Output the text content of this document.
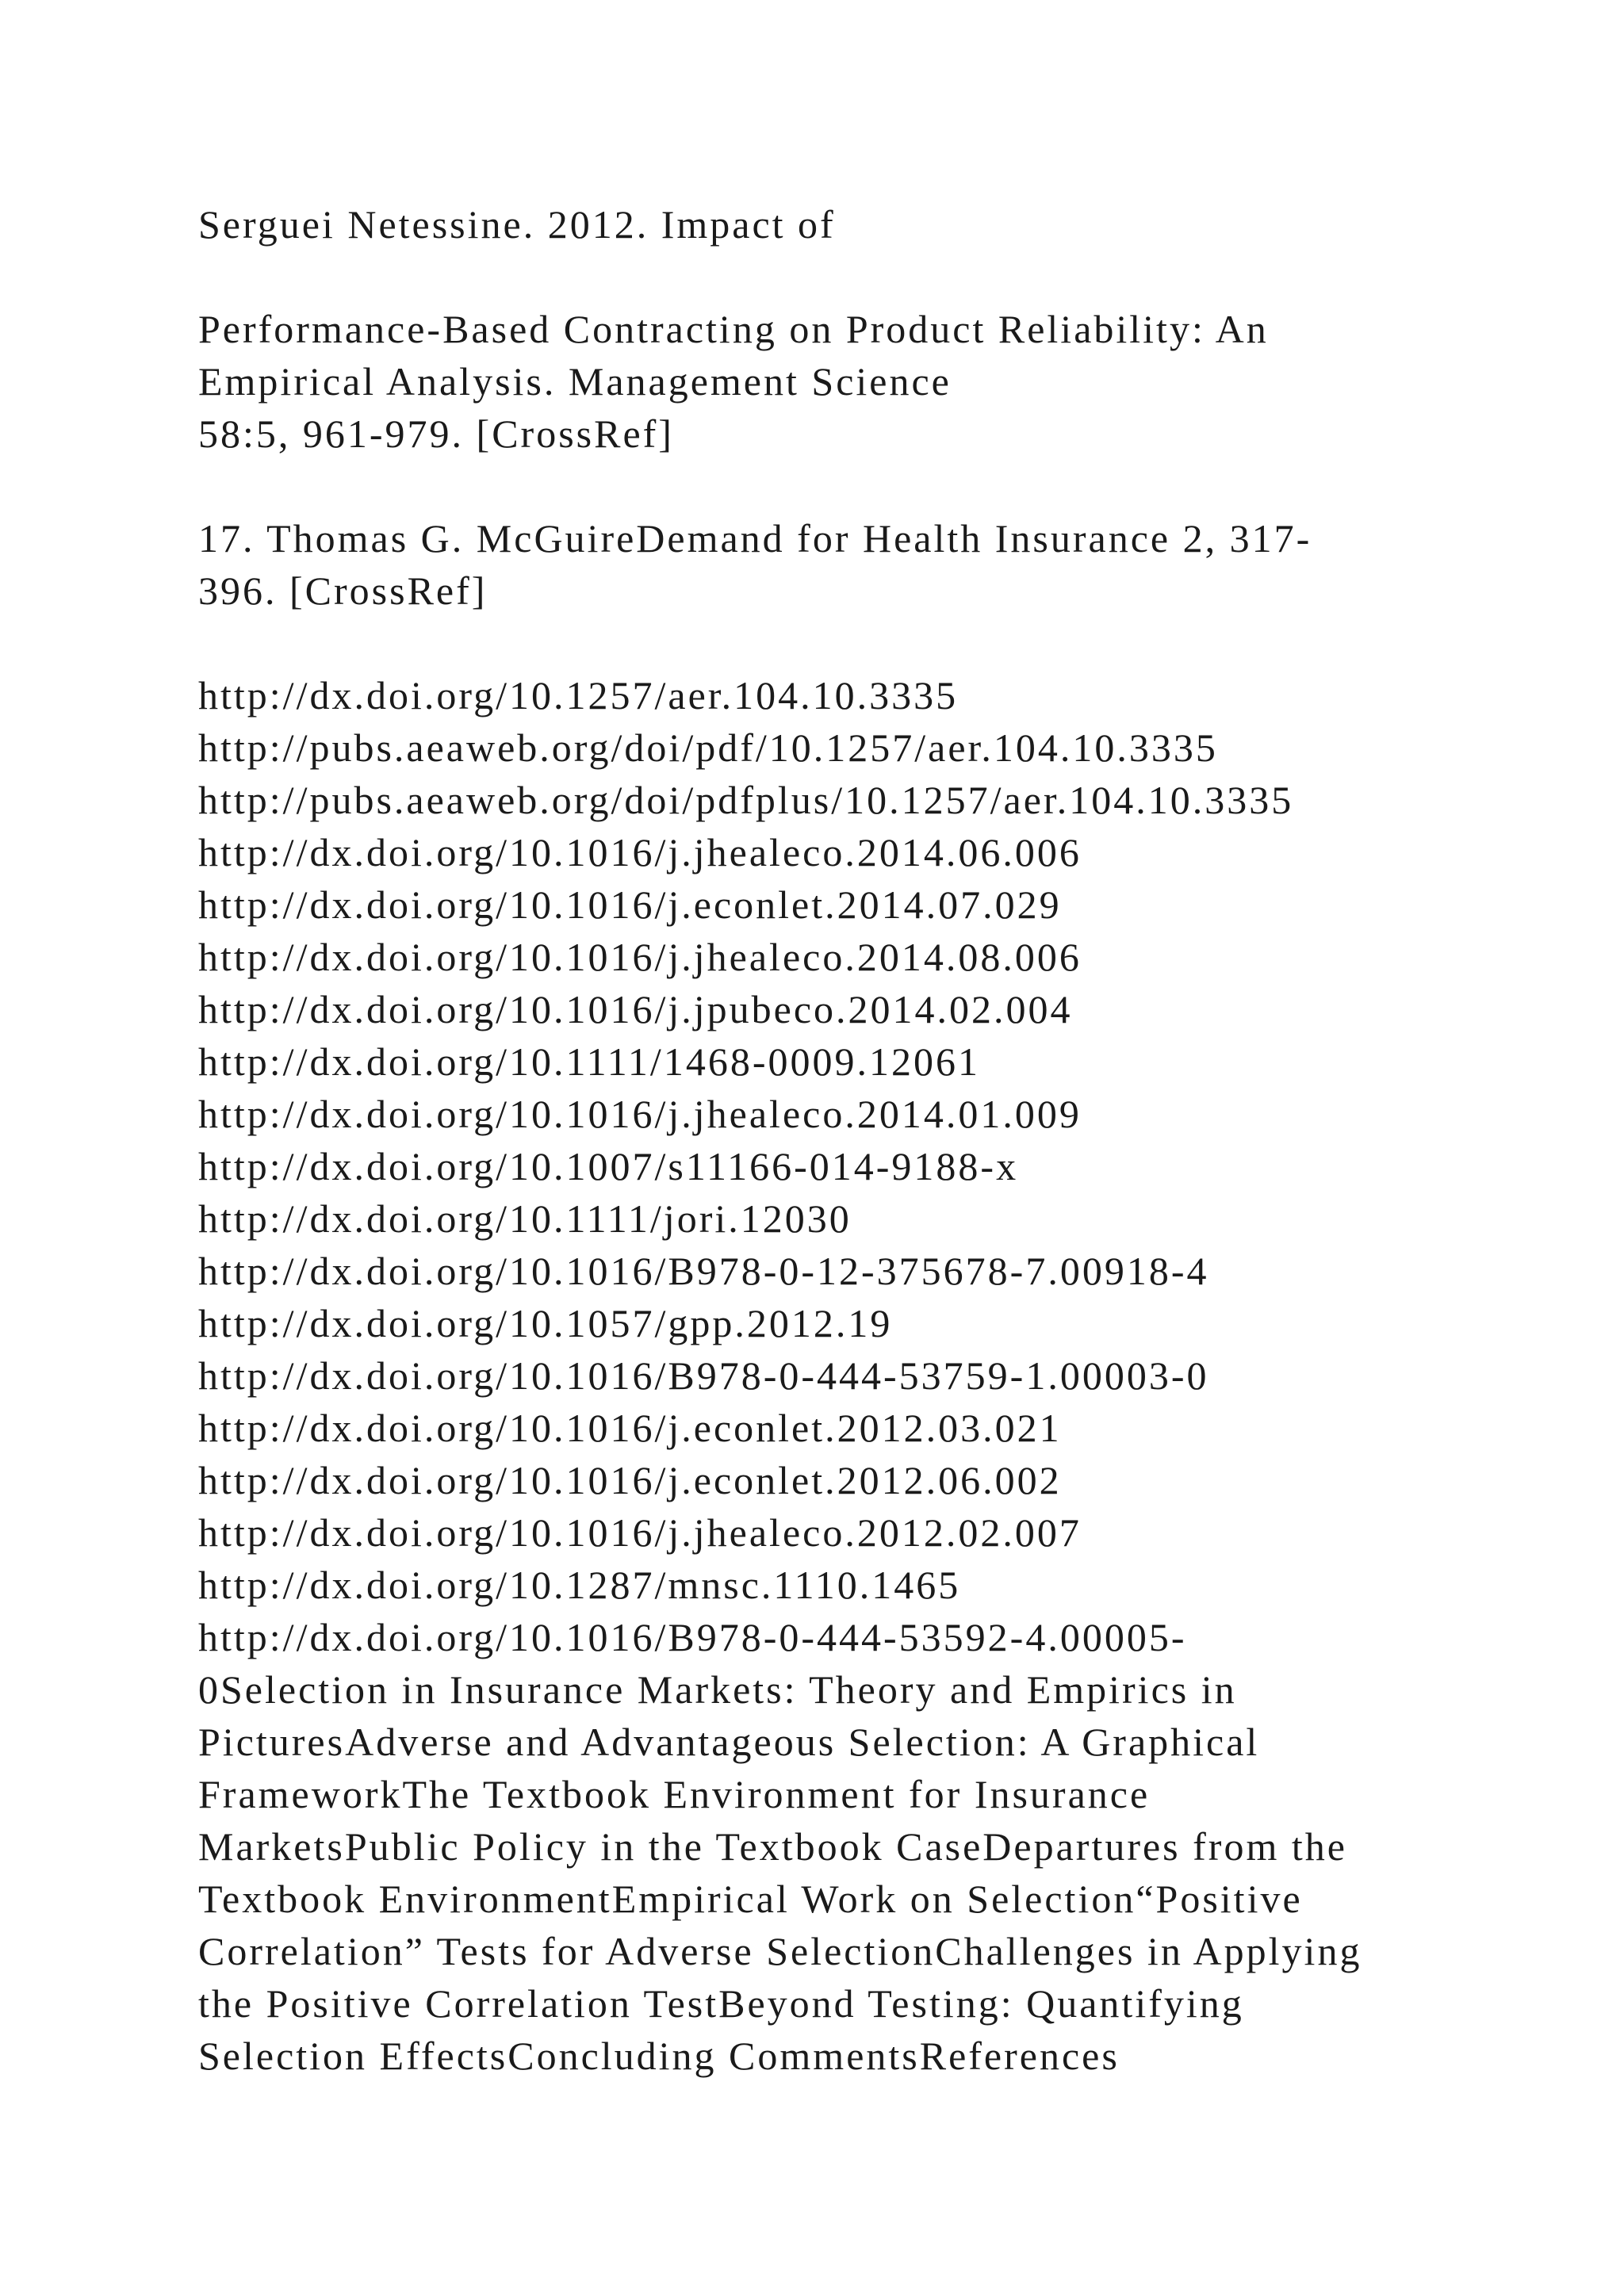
Serguei Netessine. 2012. Impact of
Performance-Based Contracting on Product Reliability: An
Empirical Analysis. Management Science
58:5, 961-979. [CrossRef]
17. Thomas G. McGuireDemand for Health Insurance 2, 317-
396. [CrossRef]
http://dx.doi.org/10.1257/aer.104.10.3335
http://pubs.aeaweb.org/doi/pdf/10.1257/aer.104.10.3335
http://pubs.aeaweb.org/doi/pdfplus/10.1257/aer.104.10.3335
http://dx.doi.org/10.1016/j.jhealeco.2014.06.006
http://dx.doi.org/10.1016/j.econlet.2014.07.029
http://dx.doi.org/10.1016/j.jhealeco.2014.08.006
http://dx.doi.org/10.1016/j.jpubeco.2014.02.004
http://dx.doi.org/10.1111/1468-0009.12061
http://dx.doi.org/10.1016/j.jhealeco.2014.01.009
http://dx.doi.org/10.1007/s11166-014-9188-x
http://dx.doi.org/10.1111/jori.12030
http://dx.doi.org/10.1016/B978-0-12-375678-7.00918-4
http://dx.doi.org/10.1057/gpp.2012.19
http://dx.doi.org/10.1016/B978-0-444-53759-1.00003-0
http://dx.doi.org/10.1016/j.econlet.2012.03.021
http://dx.doi.org/10.1016/j.econlet.2012.06.002
http://dx.doi.org/10.1016/j.jhealeco.2012.02.007
http://dx.doi.org/10.1287/mnsc.1110.1465
http://dx.doi.org/10.1016/B978-0-444-53592-4.00005-
0Selection in Insurance Markets: Theory and Empirics in
PicturesAdverse and Advantageous Selection: A Graphical
FrameworkThe Textbook Environment for Insurance
MarketsPublic Policy in the Textbook CaseDepartures from the
Textbook EnvironmentEmpirical Work on Selection“Positive
Correlation” Tests for Adverse SelectionChallenges in Applying
the Positive Correlation TestBeyond Testing: Quantifying
Selection EffectsConcluding CommentsReferences
